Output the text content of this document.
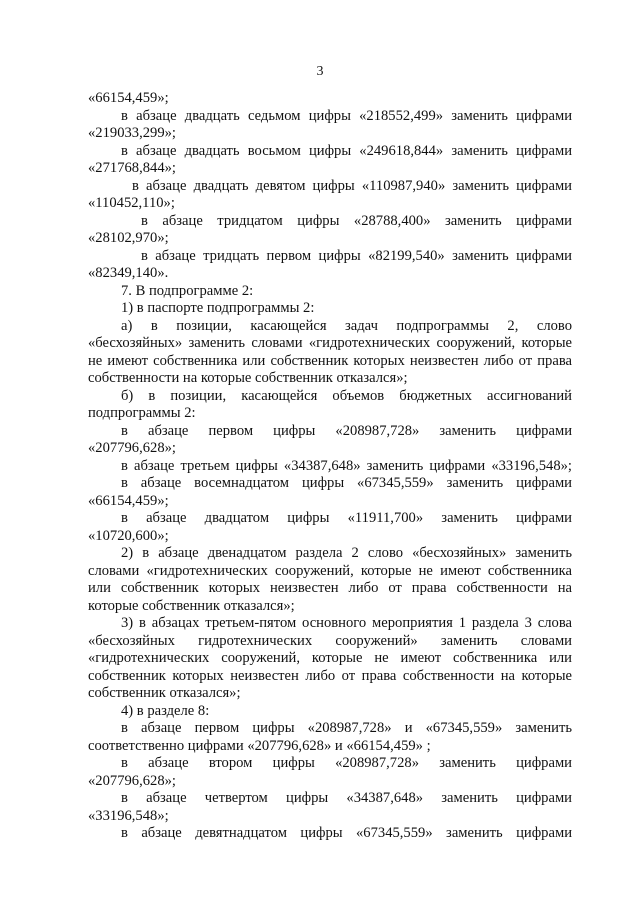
3
«66154,459»;
в абзаце двадцать седьмом цифры «218552,499» заменить цифрами
«219033,299»;
в абзаце двадцать восьмом цифры «249618,844» заменить цифрами
«271768,844»;
в абзаце двадцать девятом цифры «110987,940» заменить цифрами
«110452,110»;
в абзаце тридцатом цифры «28788,400» заменить цифрами
«28102,970»;
в абзаце тридцать первом цифры «82199,540» заменить цифрами
«82349,140».
7. В подпрограмме 2:
1) в паспорте подпрограммы 2:
а) в позиции, касающейся задач подпрограммы 2, слово
«бесхозяйных» заменить словами «гидротехнических сооружений, которые
не имеют собственника или собственник которых неизвестен либо от права
собственности на которые собственник отказался»;
б) в позиции, касающейся объемов бюджетных ассигнований
подпрограммы 2:
в абзаце первом цифры «208987,728» заменить цифрами
«207796,628»;
в абзаце третьем цифры «34387,648» заменить цифрами «33196,548»;
в абзаце восемнадцатом цифры «67345,559» заменить цифрами
«66154,459»;
в абзаце двадцатом цифры «11911,700» заменить цифрами
«10720,600»;
2) в абзаце двенадцатом раздела 2 слово «бесхозяйных» заменить
словами «гидротехнических сооружений, которые не имеют собственника
или собственник которых неизвестен либо от права собственности на
которые собственник отказался»;
3) в абзацах третьем-пятом основного мероприятия 1 раздела 3 слова
«бесхозяйных гидротехнических сооружений» заменить словами
«гидротехнических сооружений, которые не имеют собственника или
собственник которых неизвестен либо от права собственности на которые
собственник отказался»;
4) в разделе 8:
в абзаце первом цифры «208987,728» и «67345,559» заменить
соответственно цифрами «207796,628» и «66154,459» ;
в абзаце втором цифры «208987,728» заменить цифрами
«207796,628»;
в абзаце четвертом цифры «34387,648» заменить цифрами
«33196,548»;
в абзаце девятнадцатом цифры «67345,559» заменить цифрами
